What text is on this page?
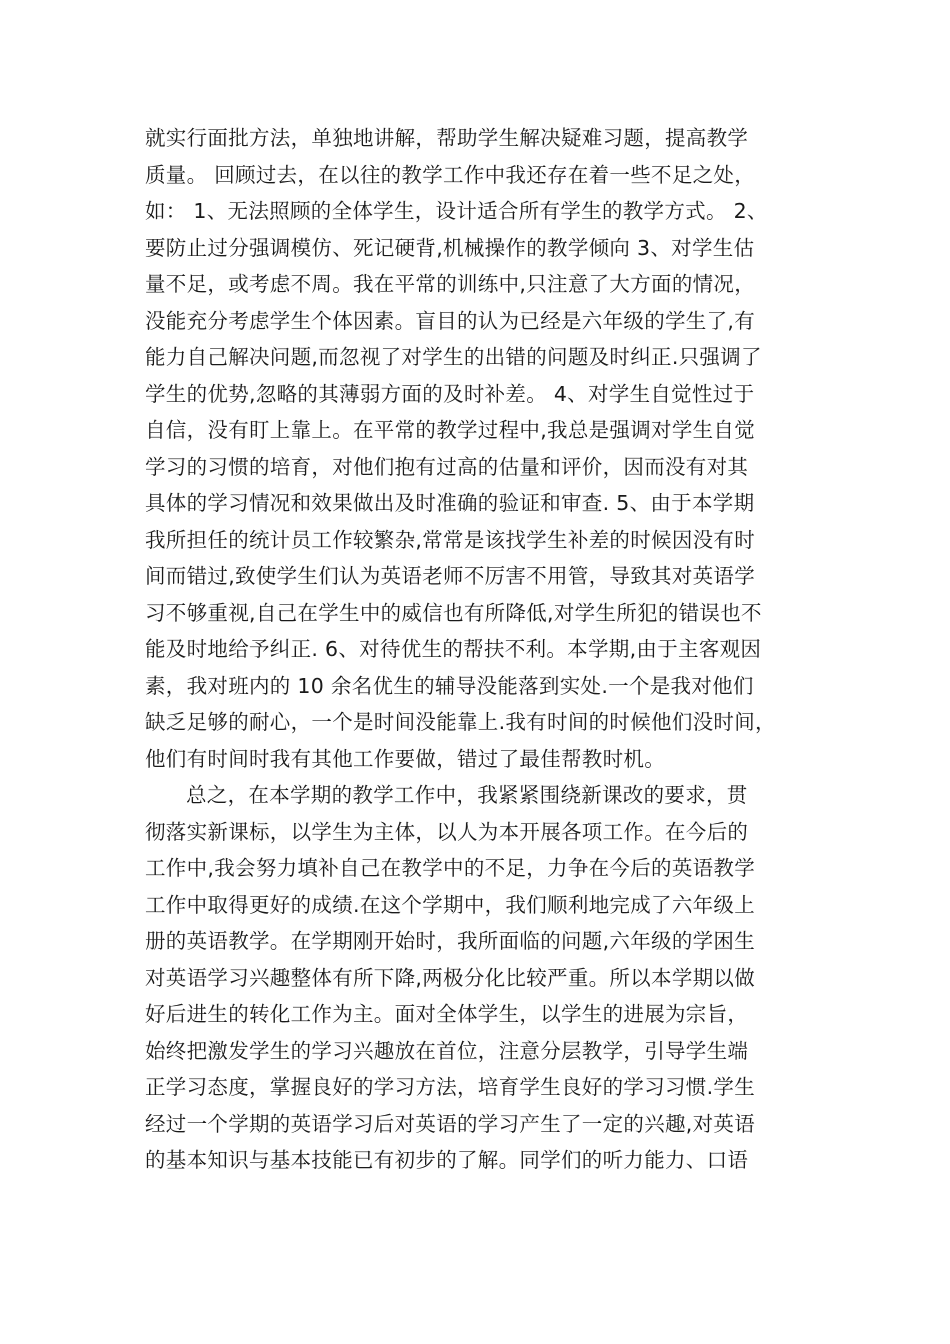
就实行面批方法，单独地讲解，帮助学生解决疑难习题，提高教学
质量。 回顾过去，在以往的教学工作中我还存在着一些不足之处，
如： 1、无法照顾的全体学生，设计适合所有学生的教学方式。 2、
要防止过分强调模仿、死记硬背,机械操作的教学倾向 3、对学生估
量不足，或考虑不周。我在平常的训练中,只注意了大方面的情况，
没能充分考虑学生个体因素。盲目的认为已经是六年级的学生了,有
能力自己解决问题,而忽视了对学生的出错的问题及时纠正.只强调了
学生的优势,忽略的其薄弱方面的及时补差。 4、对学生自觉性过于
自信，没有盯上靠上。在平常的教学过程中,我总是强调对学生自觉
学习的习惯的培育，对他们抱有过高的估量和评价，因而没有对其
具体的学习情况和效果做出及时准确的验证和审查. 5、由于本学期
我所担任的统计员工作较繁杂,常常是该找学生补差的时候因没有时
间而错过,致使学生们认为英语老师不厉害不用管，导致其对英语学
习不够重视,自己在学生中的威信也有所降低,对学生所犯的错误也不
能及时地给予纠正. 6、对待优生的帮扶不利。本学期,由于主客观因
素，我对班内的 10 余名优生的辅导没能落到实处.一个是我对他们
缺乏足够的耐心，一个是时间没能靠上.我有时间的时候他们没时间，
他们有时间时我有其他工作要做，错过了最佳帮教时机。
总之，在本学期的教学工作中，我紧紧围绕新课改的要求，贯
彻落实新课标，以学生为主体，以人为本开展各项工作。在今后的
工作中,我会努力填补自己在教学中的不足，力争在今后的英语教学
工作中取得更好的成绩.在这个学期中，我们顺利地完成了六年级上
册的英语教学。在学期刚开始时，我所面临的问题,六年级的学困生
对英语学习兴趣整体有所下降,两极分化比较严重。所以本学期以做
好后进生的转化工作为主。面对全体学生，以学生的进展为宗旨，
始终把激发学生的学习兴趣放在首位，注意分层教学，引导学生端
正学习态度，掌握良好的学习方法，培育学生良好的学习习惯.学生
经过一个学期的英语学习后对英语的学习产生了一定的兴趣,对英语
的基本知识与基本技能已有初步的了解。同学们的听力能力、口语
